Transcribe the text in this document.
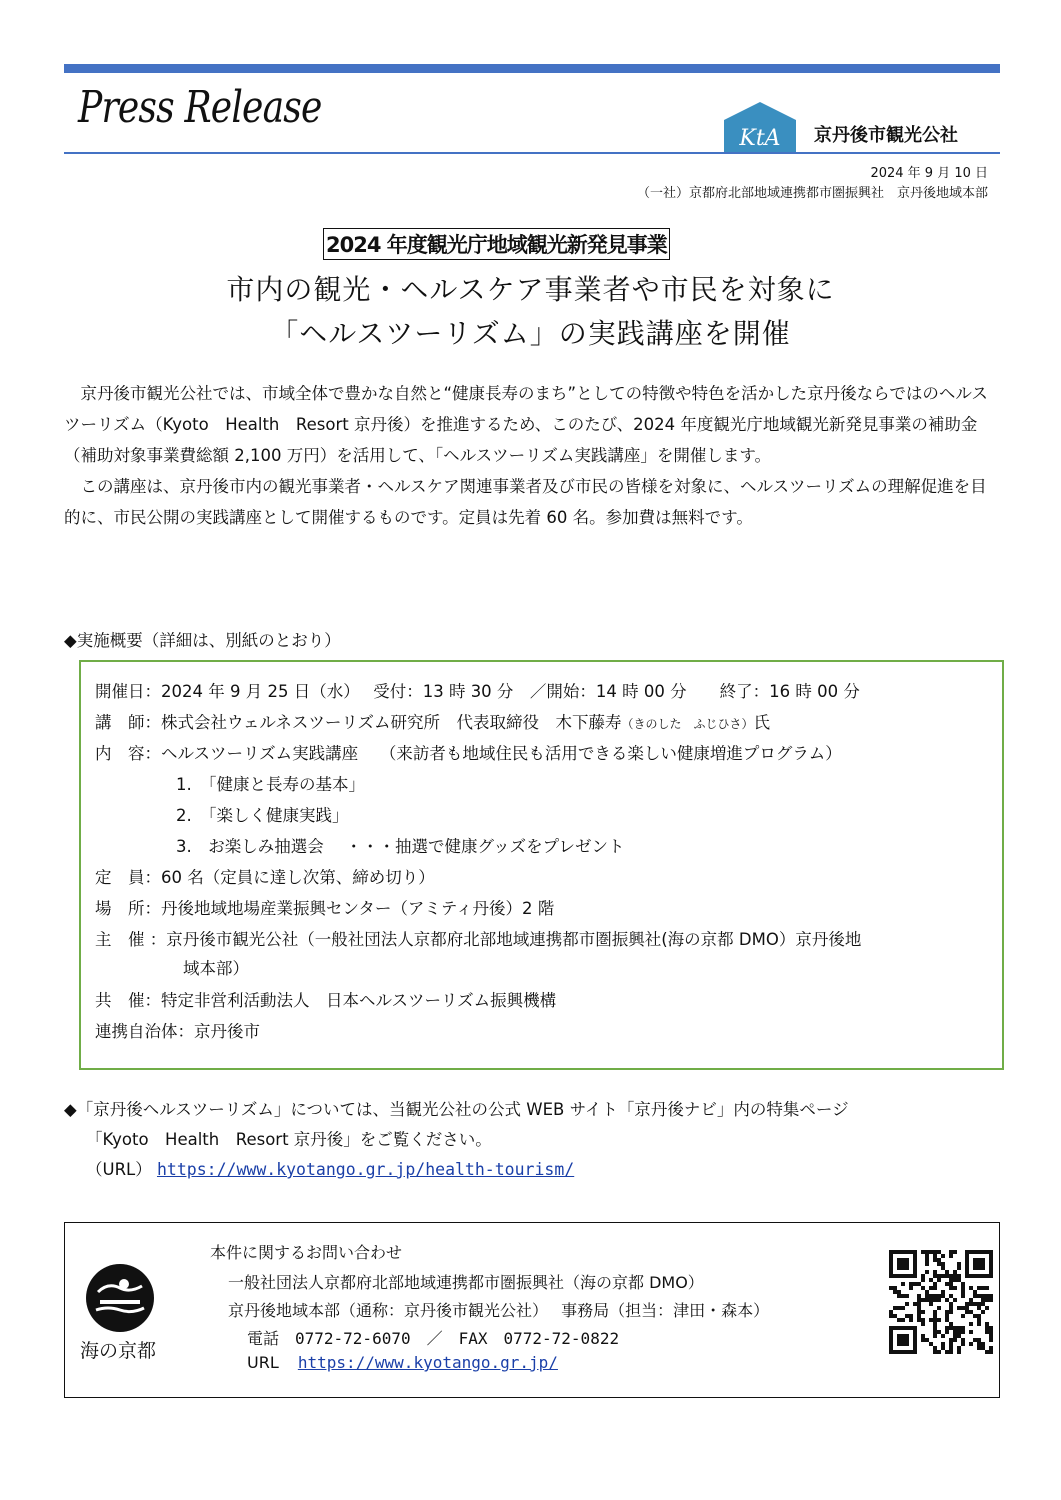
Press Release
KtA 京丹後市観光公社
2024 年 9 月 10 日
（一社）京都府北部地域連携都市圏振興社　京丹後地域本部
2024 年度観光庁地域観光新発見事業
市内の観光・ヘルスケア事業者や市民を対象に
「ヘルスツーリズム」の実践講座を開催

京丹後市観光公社では、市域全体で豊かな自然と“健康長寿のまち”としての特徴や特色を活かした京丹後ならではのヘルスツーリズム（Kyoto　Health　Resort 京丹後）を推進するため、このたび、2024 年度観光庁地域観光新発見事業の補助金（補助対象事業費総額 2,100 万円）を活用して、「ヘルスツーリズム実践講座」を開催します。

この講座は、京丹後市内の観光事業者・ヘルスケア関連事業者及び市民の皆様を対象に、ヘルスツーリズムの理解促進を目的に、市民公開の実践講座として開催するものです。定員は先着 60 名。参加費は無料です。

◆実施概要（詳細は、別紙のとおり）
開催日：2024 年 9 月 25 日（水）　 受付：13 時 30 分　／開始：14 時 00 分　　終了：16 時 00 分
講　師：株式会社ウェルネスツーリズム研究所　代表取締役　木下藤寿（きのした　ふじひさ）氏
内　容：ヘルスツーリズム実践講座　 （来訪者も地域住民も活用できる楽しい健康増進プログラム）
1.　「健康と長寿の基本」
2.　「楽しく健康実践」
3.　お楽しみ抽選会　 ・・・抽選で健康グッズをプレゼント
定　員：60 名（定員に達し次第、締め切り）
場　所：丹後地域地場産業振興センター（アミティ丹後）2 階
主　催 ：京丹後市観光公社（一般社団法人京都府北部地域連携都市圏振興社(海の京都 DMO）京丹後地
域本部）
共　催：特定非営利活動法人　日本ヘルスツーリズム振興機構
連携自治体：京丹後市
◆「京丹後ヘルスツーリズム」については、当観光公社の公式 WEB サイト「京丹後ナビ」内の特集ページ
「Kyoto　Health　Resort 京丹後」をご覧ください。
（URL） https://www.kyotango.gr.jp/health-tourism/
本件に関するお問い合わせ
一般社団法人京都府北部地域連携都市圏振興社（海の京都 DMO）
京丹後地域本部（通称：京丹後市観光公社）　 事務局（担当：津田・森本）
電話　0772-72-6070　／　FAX　0772-72-0822
URL https://www.kyotango.gr.jp/
海の京都
